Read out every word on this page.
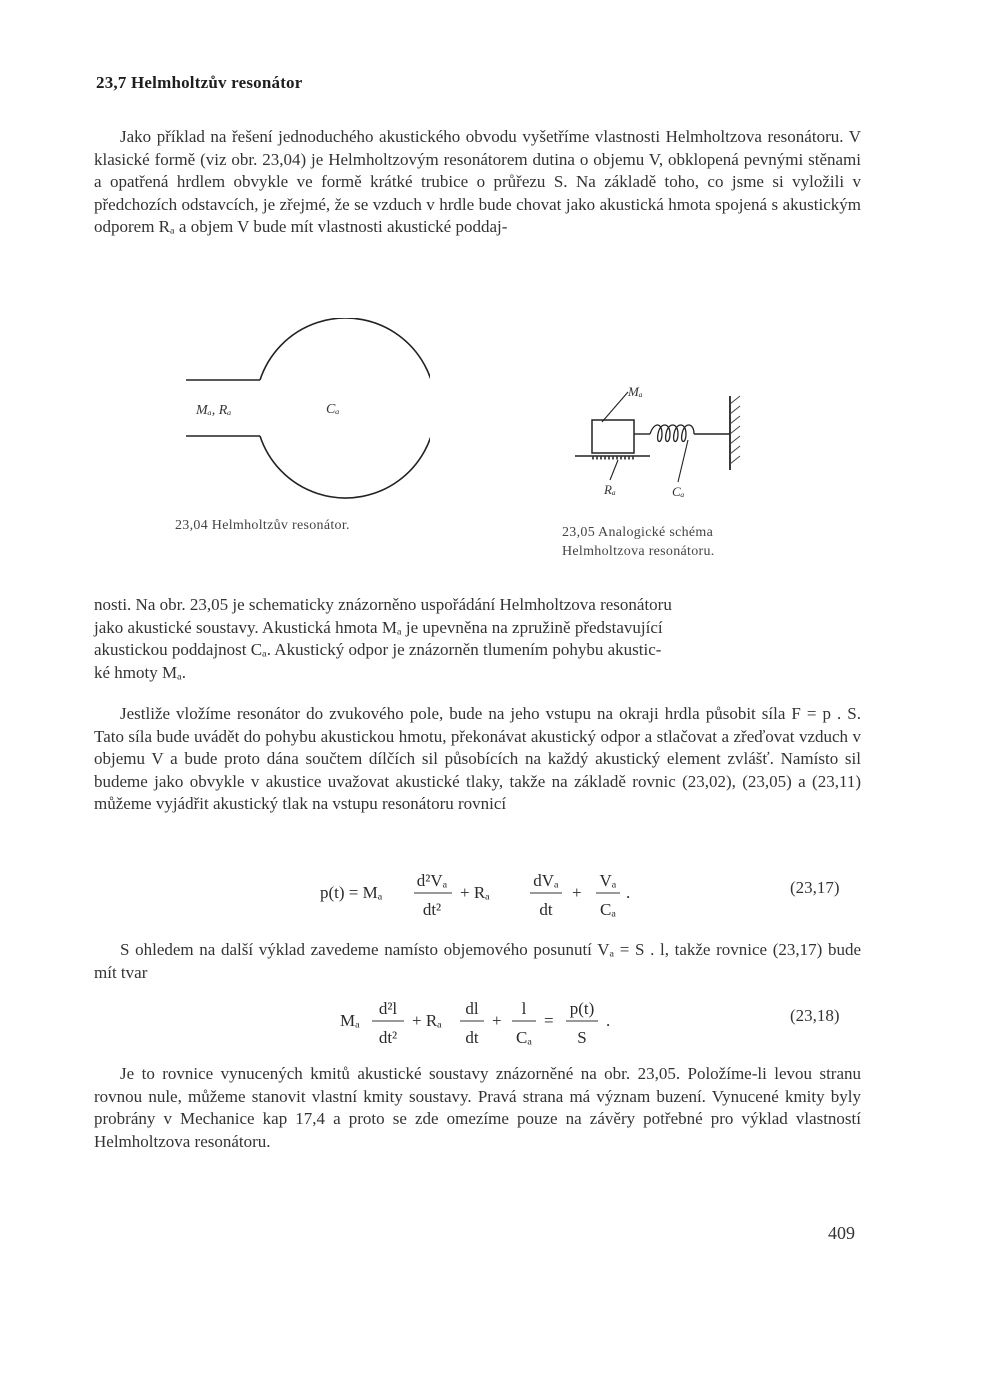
23,7 Helmholtzův resonátor
Jako příklad na řešení jednoduchého akustického obvodu vyšetříme vlastnosti Helmholtzova resonátoru. V klasické formě (viz obr. 23,04) je Helmholtzovým resonátorem dutina o objemu V, obklopená pevnými stěnami a opatřená hrdlem obvykle ve formě krátké trubice o průřezu S. Na základě toho, co jsme si vyložili v předchozích odstavcích, je zřejmé, že se vzduch v hrdle bude chovat jako akustická hmota spojená s akustickým odporem Rₐ a objem V bude mít vlastnosti akustické poddaj-
Mₐ, Rₐ	Cₐ
23,04 Helmholtzův resonátor.
Mₐ
Rₐ	Cₐ
23,05 Analogické schéma
Helmholtzova resonátoru.
nosti. Na obr. 23,05 je schematicky znázorněno uspořádání Helmholtzova resonátoru
jako akustické soustavy. Akustická hmota Mₐ je upevněna na zpružině představující
akustickou poddajnost Cₐ. Akustický odpor je znázorněn tlumením pohybu akustic-
ké hmoty Mₐ.
Jestliže vložíme resonátor do zvukového pole, bude na jeho vstupu na okraji hrdla působit síla F = p . S. Tato síla bude uvádět do pohybu akustickou hmotu, překonávat akustický odpor a stlačovat a zřeďovat vzduch v objemu V a bude proto dána součtem dílčích sil působících na každý akustický element zvlášť. Namísto sil budeme jako obvykle v akustice uvažovat akustické tlaky, takže na základě rovnic (23,02), (23,05) a (23,11) můžeme vyjádřit akustický tlak na vstupu resonátoru rovnicí
p(t) = Mₐ
d²Vₐ
dt²
+ Rₐ
dVₐ
dt
+
Vₐ
Cₐ
.	(23,17)
S ohledem na další výklad zavedeme namísto objemového posunutí Vₐ = S . l, takže rovnice (23,17) bude mít tvar
Mₐ
d²l
dt²
+ Rₐ
dl
dt
+
l
Cₐ
=
p(t)
S
.	(23,18)
Je to rovnice vynucených kmitů akustické soustavy znázorněné na obr. 23,05. Položíme-li levou stranu rovnou nule, můžeme stanovit vlastní kmity soustavy. Pravá strana má význam buzení. Vynucené kmity byly probrány v Mechanice kap 17,4 a proto se zde omezíme pouze na závěry potřebné pro výklad vlastností Helmholtzova resonátoru.
409
